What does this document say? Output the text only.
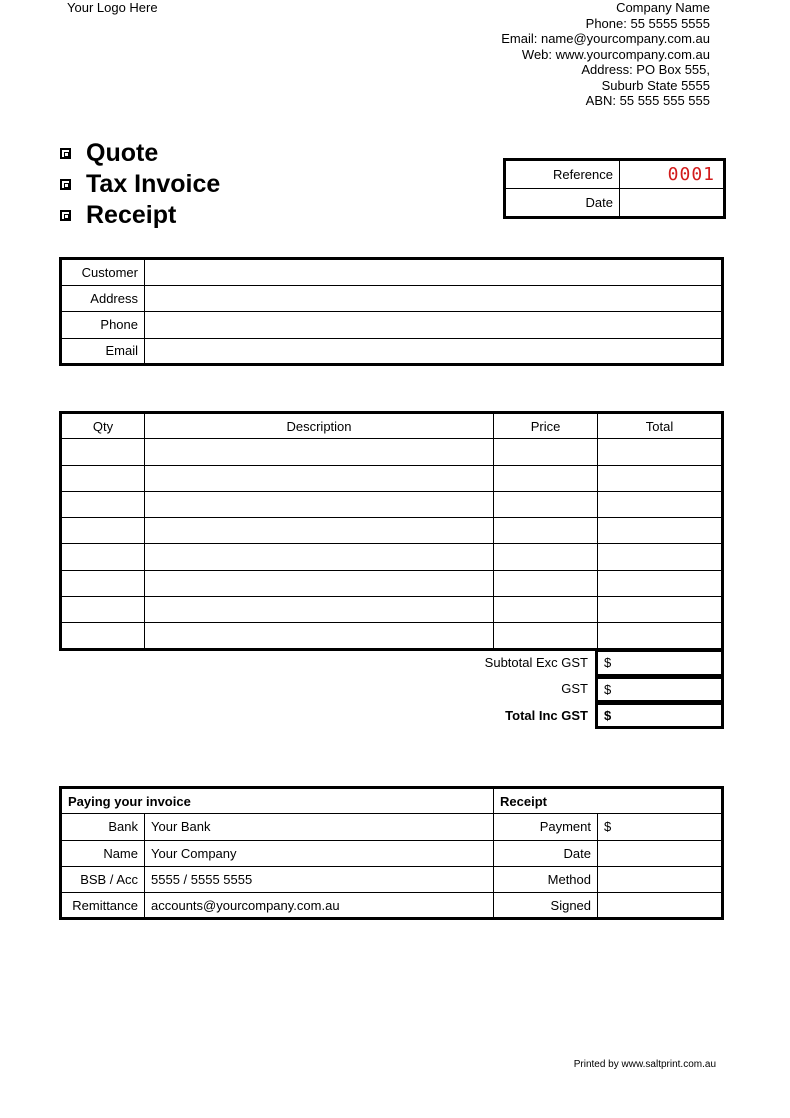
Your Logo Here	Company Name
Phone: 55 5555 5555
Email: name@yourcompany.com.au
Web: www.yourcompany.com.au
Address: PO Box 555,
Suburb State 5555
ABN: 55 555 555 555
Quote
Tax Invoice
Receipt
Reference	0001
Date	
Customer	
Address	
Phone	
Email	
Qty	Description	Price	Total

Subtotal Exc GST	$
GST	$
Total Inc GST	$
Paying your invoice		Receipt	
Bank	Your Bank	Payment	$
Name	Your Company	Date	
BSB / Acc	5555 / 5555 5555	Method	
Remittance	accounts@yourcompany.com.au	Signed	
Printed by www.saltprint.com.au
